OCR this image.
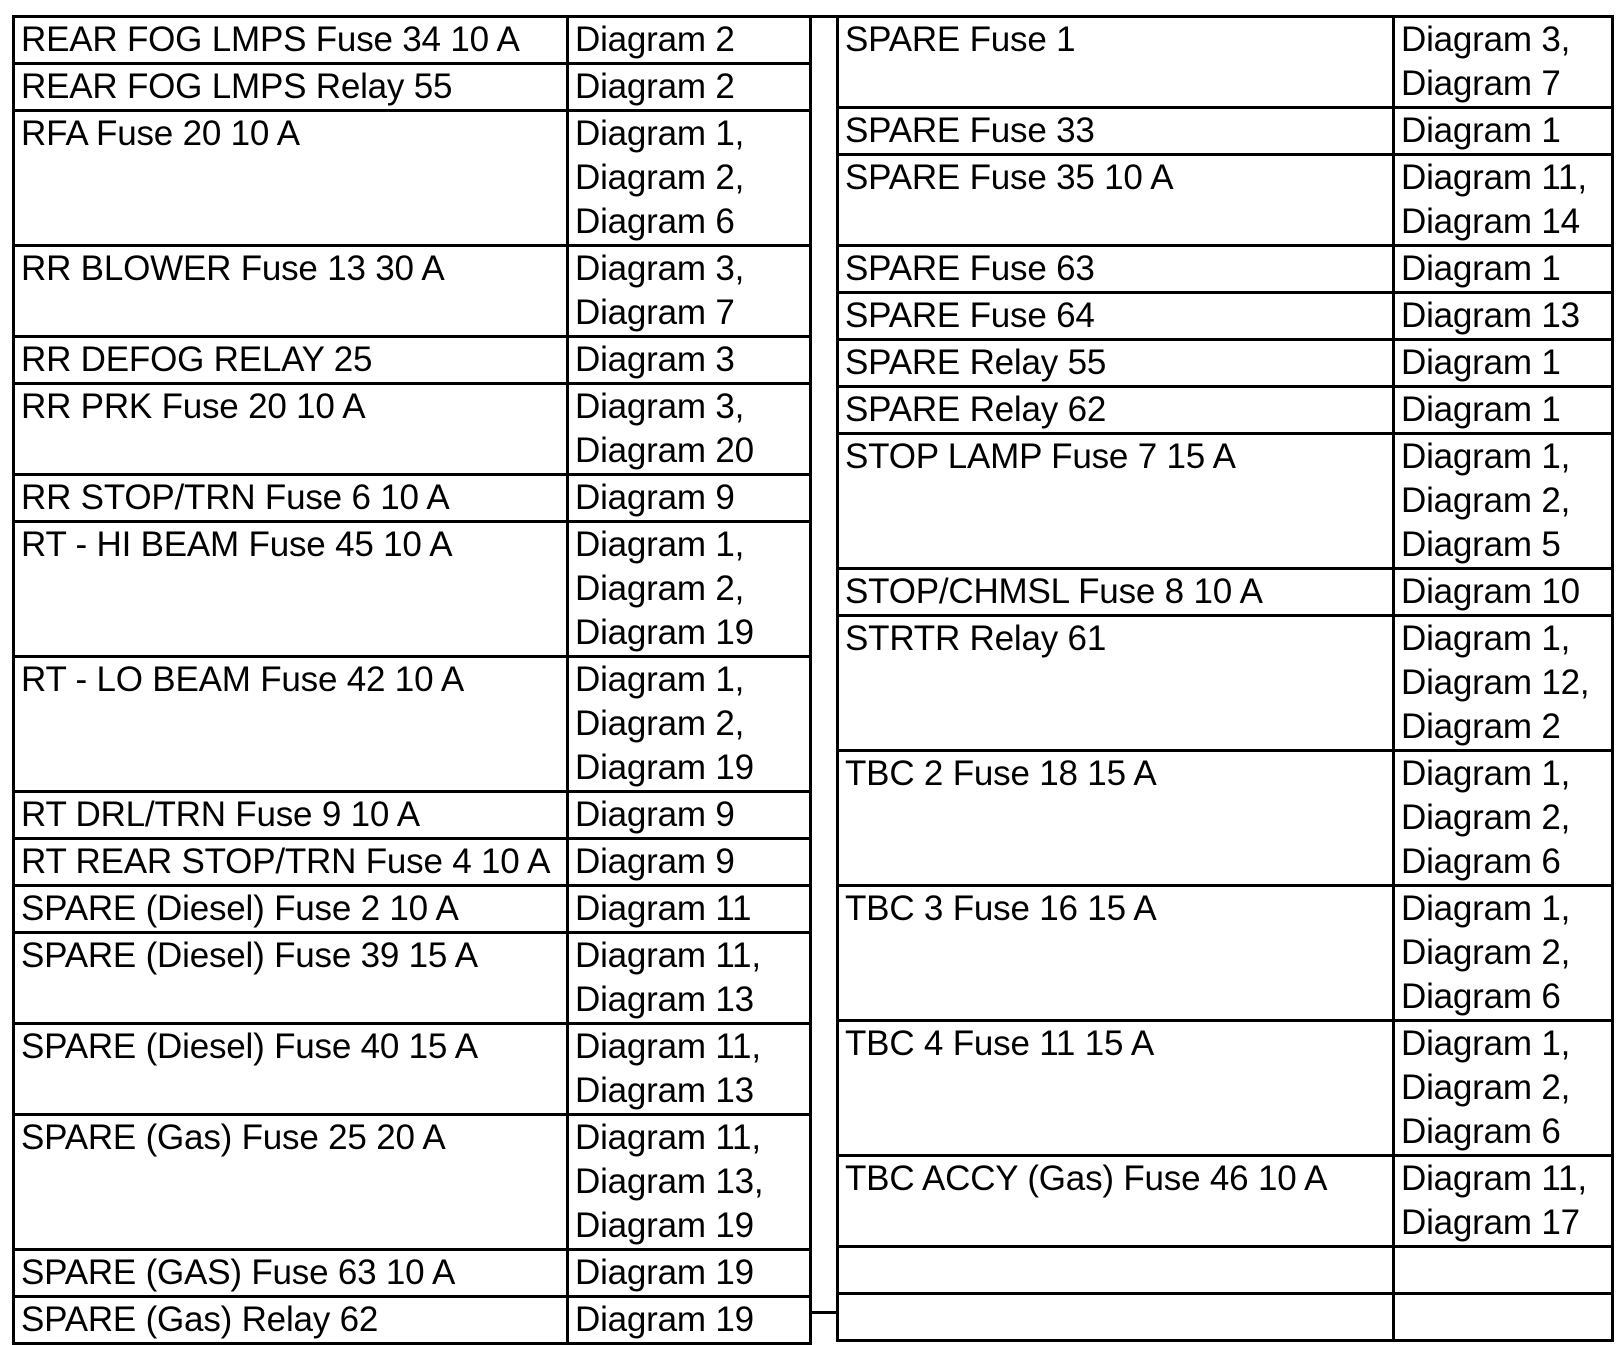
REAR FOG LMPS Fuse 34 10 A	Diagram 2

REAR FOG LMPS Relay 55	Diagram 2

RFA Fuse 20 10 A	Diagram 1,
Diagram 2,
Diagram 6

RR BLOWER Fuse 13 30 A	Diagram 3,
Diagram 7

RR DEFOG RELAY 25	Diagram 3

RR PRK Fuse 20 10 A	Diagram 3,
Diagram 20

RR STOP/TRN Fuse 6 10 A	Diagram 9

RT - HI BEAM Fuse 45 10 A	Diagram 1,
Diagram 2,
Diagram 19

RT - LO BEAM Fuse 42 10 A	Diagram 1,
Diagram 2,
Diagram 19

RT DRL/TRN Fuse 9 10 A	Diagram 9

RT REAR STOP/TRN Fuse 4 10 A	Diagram 9

SPARE (Diesel) Fuse 2 10 A	Diagram 11

SPARE (Diesel) Fuse 39 15 A	Diagram 11,
Diagram 13

SPARE (Diesel) Fuse 40 15 A	Diagram 11,
Diagram 13

SPARE (Gas) Fuse 25 20 A	Diagram 11,
Diagram 13,
Diagram 19

SPARE (GAS) Fuse 63 10 A	Diagram 19

SPARE (Gas) Relay 62	Diagram 19
SPARE Fuse 1	Diagram 3,
Diagram 7

SPARE Fuse 33	Diagram 1

SPARE Fuse 35 10 A	Diagram 11,
Diagram 14

SPARE Fuse 63	Diagram 1

SPARE Fuse 64	Diagram 13

SPARE Relay 55	Diagram 1

SPARE Relay 62	Diagram 1

STOP LAMP Fuse 7 15 A	Diagram 1,
Diagram 2,
Diagram 5

STOP/CHMSL Fuse 8 10 A	Diagram 10

STRTR Relay 61	Diagram 1,
Diagram 12,
Diagram 2

TBC 2 Fuse 18 15 A	Diagram 1,
Diagram 2,
Diagram 6

TBC 3 Fuse 16 15 A	Diagram 1,
Diagram 2,
Diagram 6

TBC 4 Fuse 11 15 A	Diagram 1,
Diagram 2,
Diagram 6

TBC ACCY (Gas) Fuse 46 10 A	Diagram 11,
Diagram 17
